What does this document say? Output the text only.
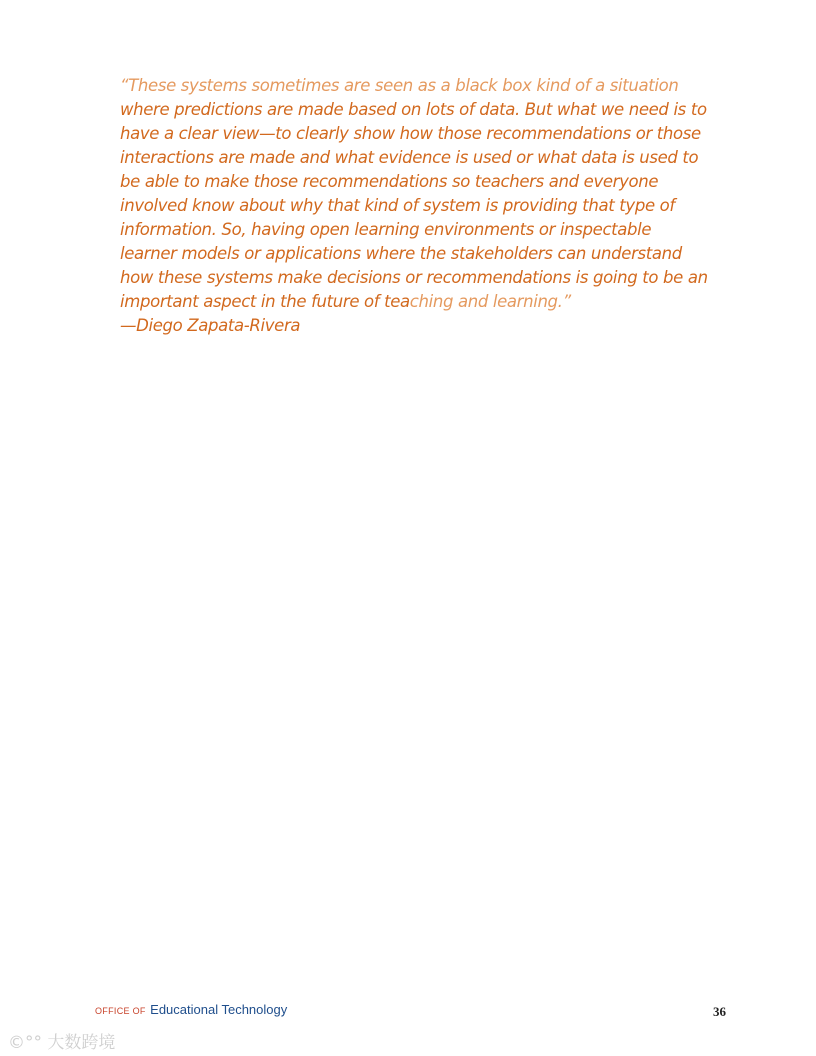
“These systems sometimes are seen as a black box kind of a situation
where predictions are made based on lots of data. But what we need is to
have a clear view—to clearly show how those recommendations or those
interactions are made and what evidence is used or what data is used to
be able to make those recommendations so teachers and everyone
involved know about why that kind of system is providing that type of
information. So, having open learning environments or inspectable
learner models or applications where the stakeholders can understand
how these systems make decisions or recommendations is going to be an
important aspect in the future of teaching and learning.”
—Diego Zapata-Rivera
OFFICE OF Educational Technology	36
©°° 大数跨境
